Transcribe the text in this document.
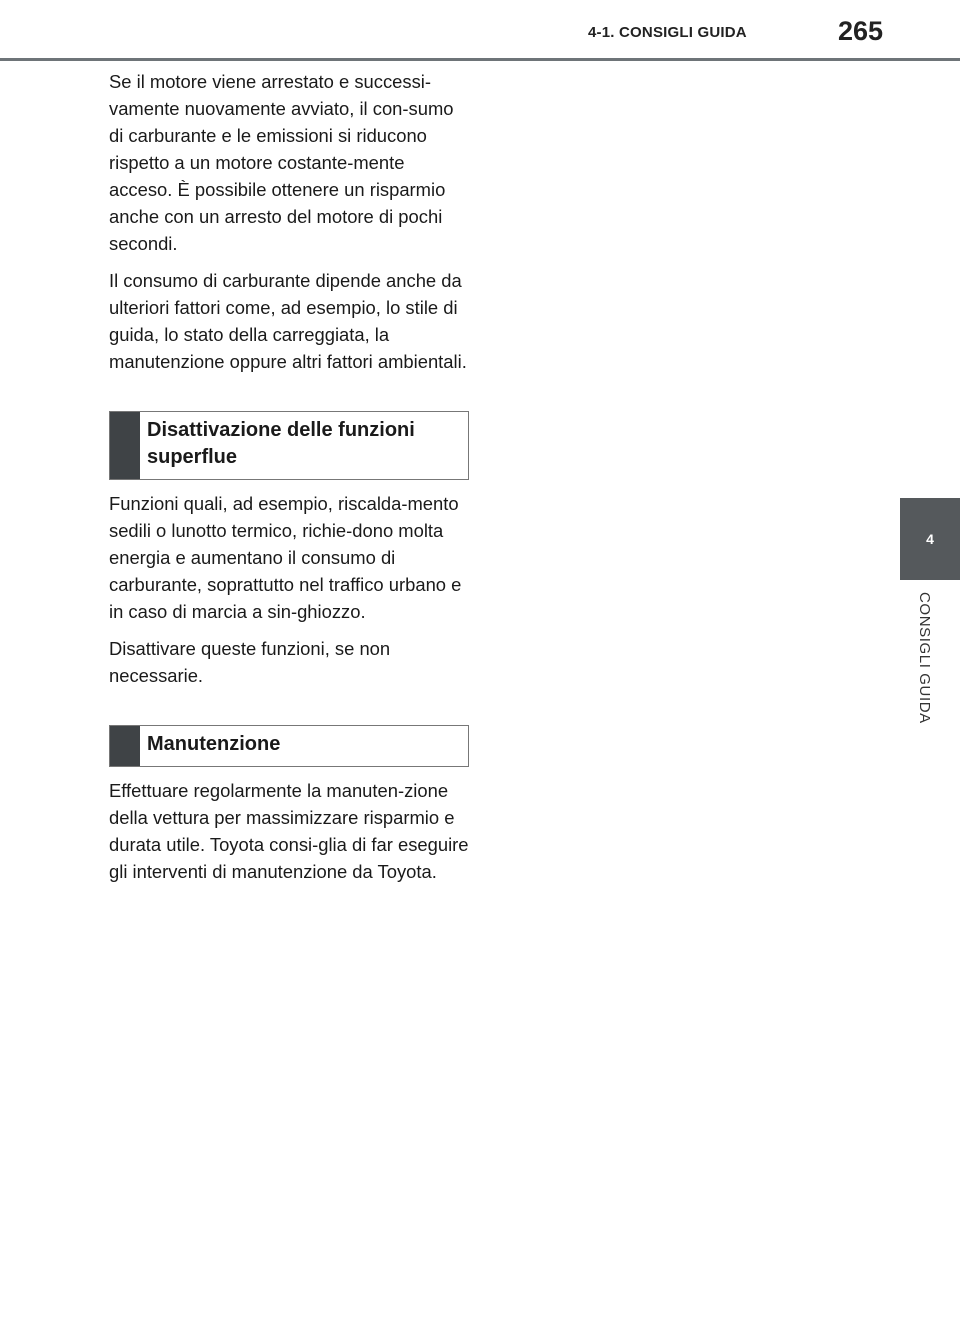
4-1. CONSIGLI GUIDA	265
4
CONSIGLI GUIDA

Se il motore viene arrestato e successi-vamente nuovamente avviato, il con-sumo di carburante e le emissioni si riducono rispetto a un motore costante-mente acceso. È possibile ottenere un risparmio anche con un arresto del motore di pochi secondi.

Il consumo di carburante dipende anche da ulteriori fattori come, ad esempio, lo stile di guida, lo stato della carreggiata, la manutenzione oppure altri fattori ambientali.

Disattivazione delle funzioni superflue

Funzioni quali, ad esempio, riscalda-mento sedili o lunotto termico, richie-dono molta energia e aumentano il consumo di carburante, soprattutto nel traffico urbano e in caso di marcia a sin-ghiozzo.

Disattivare queste funzioni, se non necessarie.

Manutenzione

Effettuare regolarmente la manuten-zione della vettura per massimizzare risparmio e durata utile. Toyota consi-glia di far eseguire gli interventi di manutenzione da Toyota.
